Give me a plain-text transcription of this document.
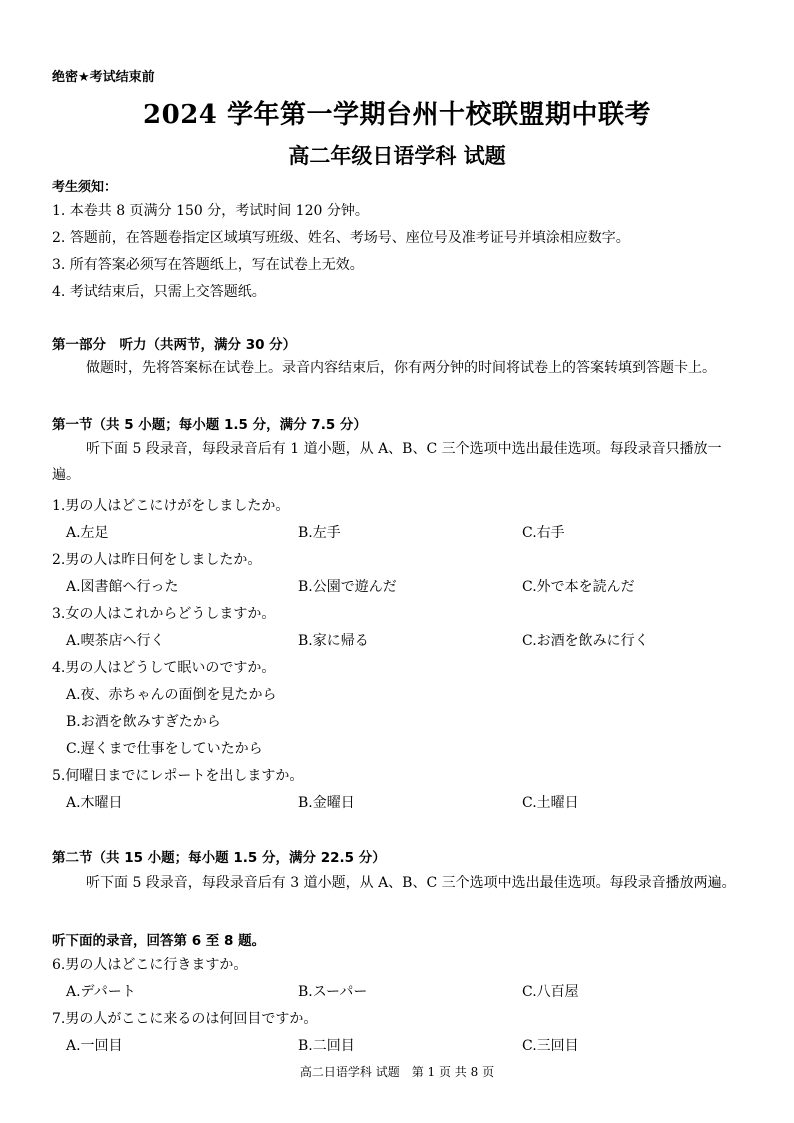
绝密★考试结束前
2024 学年第一学期台州十校联盟期中联考
高二年级日语学科 试题
考生须知：
1. 本卷共 8 页满分 150 分，考试时间 120 分钟。
2. 答题前，在答题卷指定区域填写班级、姓名、考场号、座位号及准考证号并填涂相应数字。
3. 所有答案必须写在答题纸上，写在试卷上无效。
4. 考试结束后，只需上交答题纸。
第一部分　听力（共两节，满分 30 分）
做题时，先将答案标在试卷上。录音内容结束后，你有两分钟的时间将试卷上的答案转填到答题卡上。
第一节（共 5 小题；每小题 1.5 分，满分 7.5 分）
听下面 5 段录音，每段录音后有 1 道小题，从 A、B、C 三个选项中选出最佳选项。每段录音只播放一遍。
1.男の人はどこにけがをしましたか。
A.左足	B.左手	C.右手
2.男の人は昨日何をしましたか。
A.図書館へ行った	B.公園で遊んだ	C.外で本を読んだ
3.女の人はこれからどうしますか。
A.喫茶店へ行く	B.家に帰る	C.お酒を飲みに行く
4.男の人はどうして眠いのですか。
A.夜、赤ちゃんの面倒を見たから
B.お酒を飲みすぎたから
C.遅くまで仕事をしていたから
5.何曜日までにレポートを出しますか。
A.木曜日	B.金曜日	C.土曜日
第二节（共 15 小题；每小题 1.5 分，满分 22.5 分）
听下面 5 段录音，每段录音后有 3 道小题，从 A、B、C 三个选项中选出最佳选项。每段录音播放两遍。
听下面的录音，回答第 6 至 8 题。
6.男の人はどこに行きますか。
A.デパート	B.スーパー	C.八百屋
7.男の人がここに来るのは何回目ですか。
A.一回目	B.二回目	C.三回目
高二日语学科 试题　第 1 页 共 8 页
